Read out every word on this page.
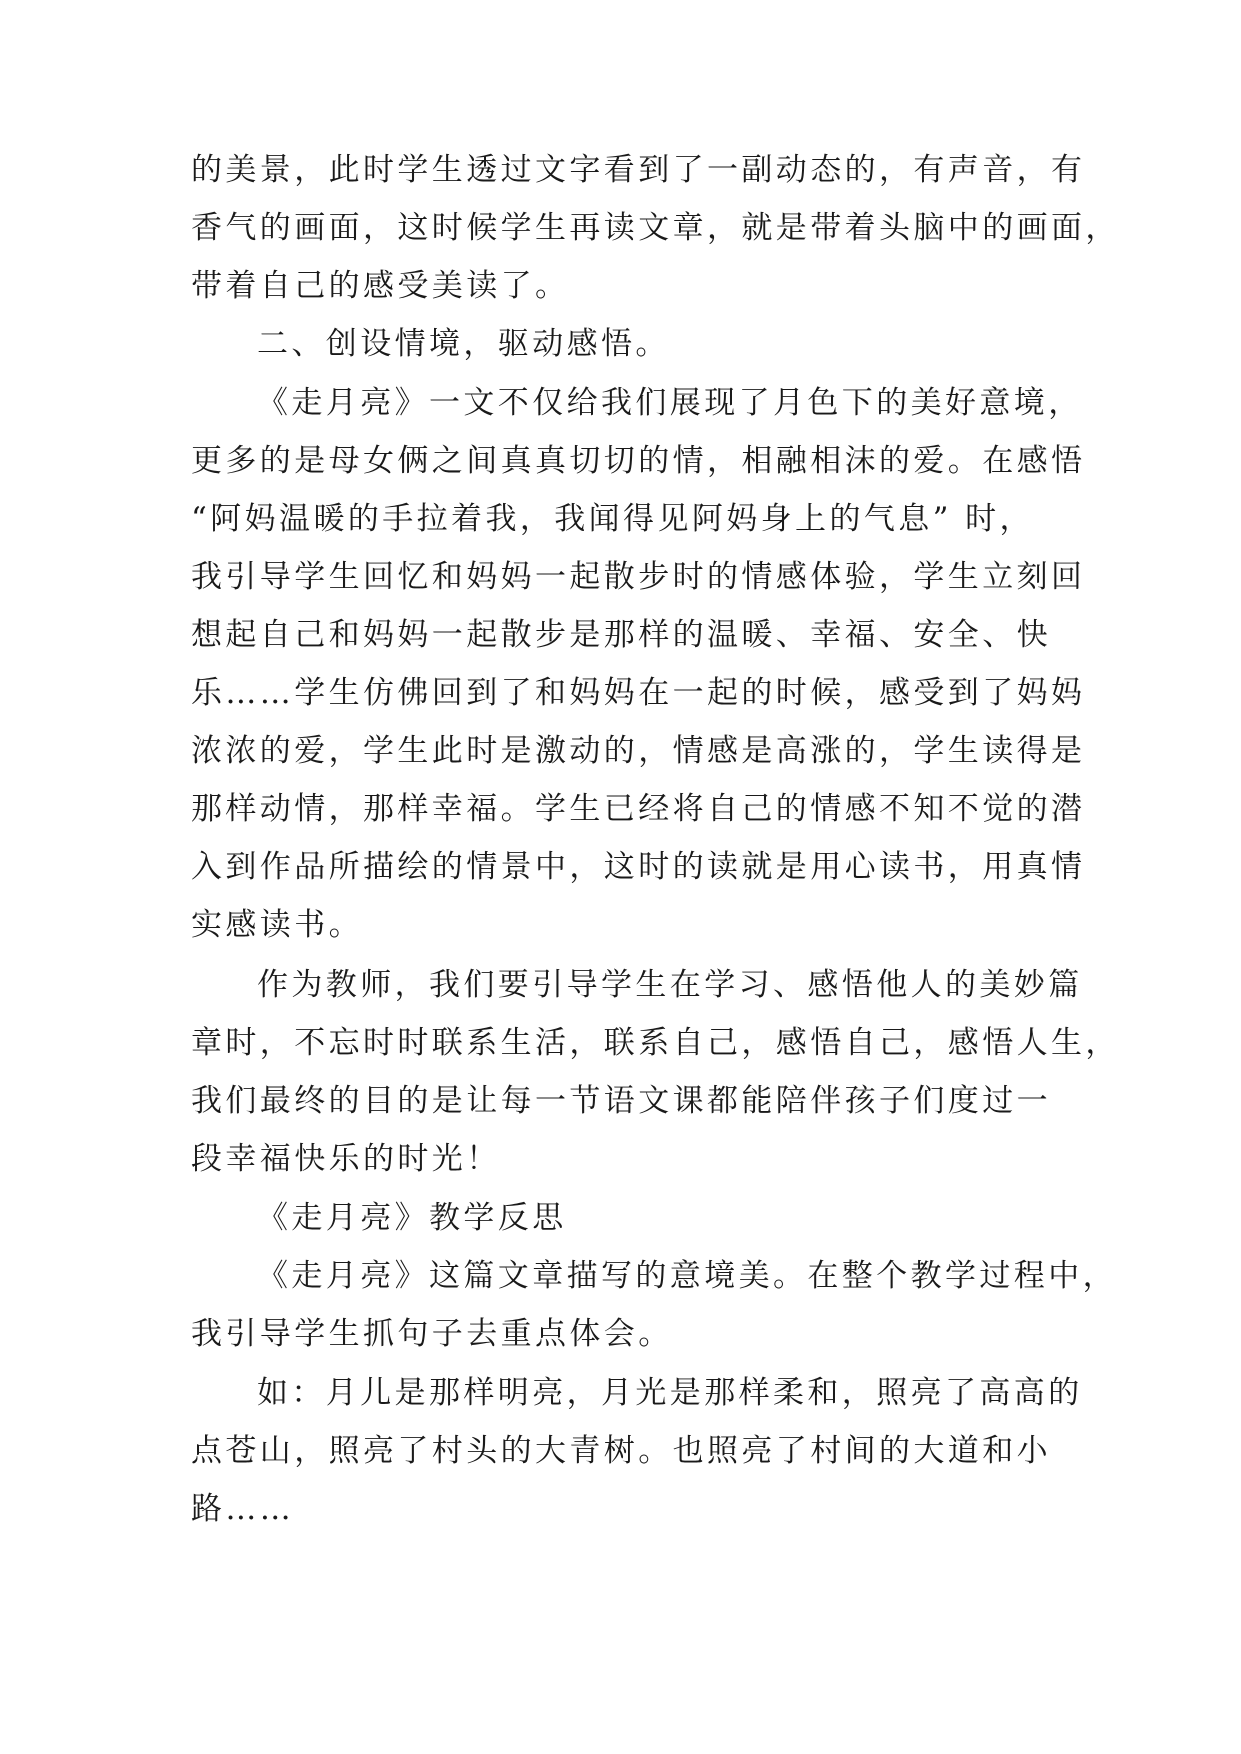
的美景，此时学生透过文字看到了一副动态的，有声音，有
香气的画面，这时候学生再读文章，就是带着头脑中的画面，
带着自己的感受美读了。
二、创设情境，驱动感悟。
《走月亮》一文不仅给我们展现了月色下的美好意境，
更多的是母女俩之间真真切切的情，相融相沫的爱。在感悟
“阿妈温暖的手拉着我，我闻得见阿妈身上的气息” 时，
我引导学生回忆和妈妈一起散步时的情感体验，学生立刻回
想起自己和妈妈一起散步是那样的温暖、幸福、安全、快
乐……学生仿佛回到了和妈妈在一起的时候，感受到了妈妈
浓浓的爱，学生此时是激动的，情感是高涨的，学生读得是
那样动情，那样幸福。学生已经将自己的情感不知不觉的潜
入到作品所描绘的情景中，这时的读就是用心读书，用真情
实感读书。
作为教师，我们要引导学生在学习、感悟他人的美妙篇
章时，不忘时时联系生活，联系自己，感悟自己，感悟人生，
我们最终的目的是让每一节语文课都能陪伴孩子们度过一
段幸福快乐的时光！
《走月亮》教学反思
《走月亮》这篇文章描写的意境美。在整个教学过程中，
我引导学生抓句子去重点体会。
如：月儿是那样明亮，月光是那样柔和，照亮了高高的
点苍山，照亮了村头的大青树。也照亮了村间的大道和小
路……
